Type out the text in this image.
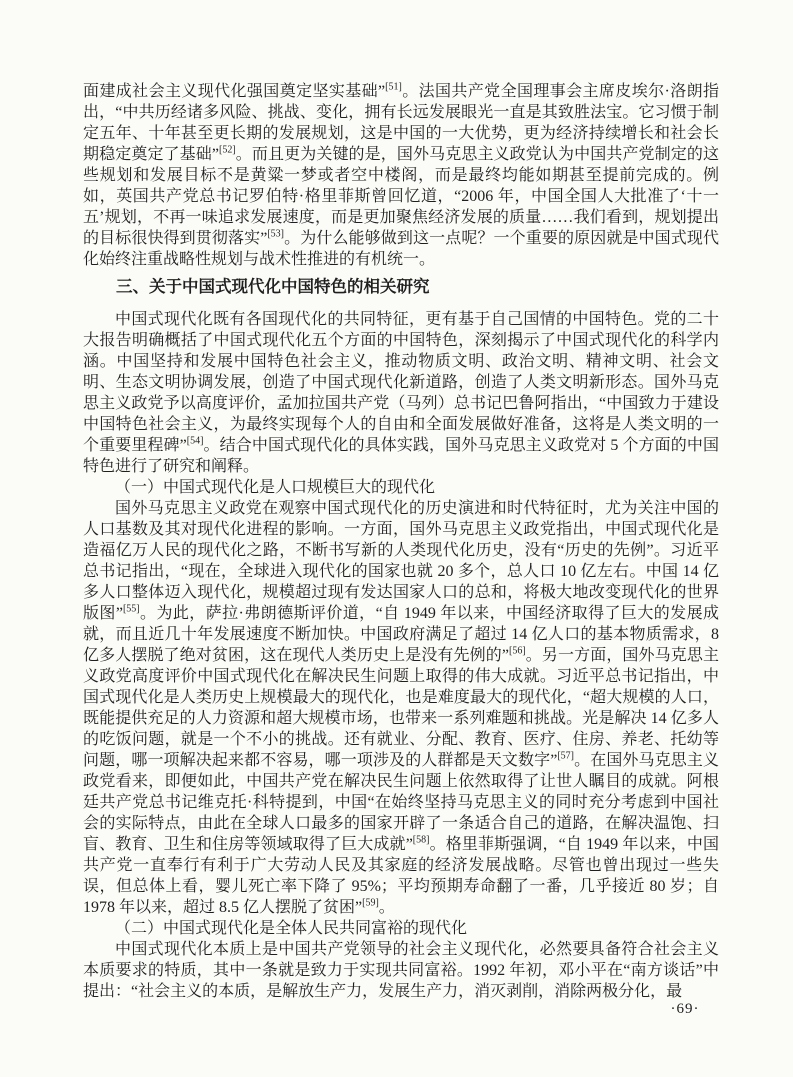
面建成社会主义现代化强国奠定坚实基础”[51]。法国共产党全国理事会主席皮埃尔·洛朗指出，“中共历经诸多风险、挑战、变化，拥有长远发展眼光一直是其致胜法宝。它习惯于制定五年、十年甚至更长期的发展规划，这是中国的一大优势，更为经济持续增长和社会长期稳定奠定了基础”[52]。而且更为关键的是，国外马克思主义政党认为中国共产党制定的这些规划和发展目标不是黄粱一梦或者空中楼阁，而是最终均能如期甚至提前完成的。例如，英国共产党总书记罗伯特·格里菲斯曾回忆道，“2006 年，中国全国人大批准了‘十一五’规划，不再一味追求发展速度，而是更加聚焦经济发展的质量……我们看到，规划提出的目标很快得到贯彻落实”[53]。为什么能够做到这一点呢？一个重要的原因就是中国式现代化始终注重战略性规划与战术性推进的有机统一。
三、关于中国式现代化中国特色的相关研究
中国式现代化既有各国现代化的共同特征，更有基于自己国情的中国特色。党的二十大报告明确概括了中国式现代化五个方面的中国特色，深刻揭示了中国式现代化的科学内涵。中国坚持和发展中国特色社会主义，推动物质文明、政治文明、精神文明、社会文明、生态文明协调发展，创造了中国式现代化新道路，创造了人类文明新形态。国外马克思主义政党予以高度评价，孟加拉国共产党（马列）总书记巴鲁阿指出，“中国致力于建设中国特色社会主义，为最终实现每个人的自由和全面发展做好准备，这将是人类文明的一个重要里程碑”[54]。结合中国式现代化的具体实践，国外马克思主义政党对 5 个方面的中国特色进行了研究和阐释。
（一）中国式现代化是人口规模巨大的现代化
国外马克思主义政党在观察中国式现代化的历史演进和时代特征时，尤为关注中国的人口基数及其对现代化进程的影响。一方面，国外马克思主义政党指出，中国式现代化是造福亿万人民的现代化之路，不断书写新的人类现代化历史，没有“历史的先例”。习近平总书记指出，“现在，全球进入现代化的国家也就 20 多个，总人口 10 亿左右。中国 14 亿多人口整体迈入现代化，规模超过现有发达国家人口的总和，将极大地改变现代化的世界版图”[55]。为此，萨拉·弗朗德斯评价道，“自 1949 年以来，中国经济取得了巨大的发展成就，而且近几十年发展速度不断加快。中国政府满足了超过 14 亿人口的基本物质需求，8 亿多人摆脱了绝对贫困，这在现代人类历史上是没有先例的”[56]。另一方面，国外马克思主义政党高度评价中国式现代化在解决民生问题上取得的伟大成就。习近平总书记指出，中国式现代化是人类历史上规模最大的现代化，也是难度最大的现代化，“超大规模的人口，既能提供充足的人力资源和超大规模市场，也带来一系列难题和挑战。光是解决 14 亿多人的吃饭问题，就是一个不小的挑战。还有就业、分配、教育、医疗、住房、养老、托幼等问题，哪一项解决起来都不容易，哪一项涉及的人群都是天文数字”[57]。在国外马克思主义政党看来，即便如此，中国共产党在解决民生问题上依然取得了让世人瞩目的成就。阿根廷共产党总书记维克托·科特提到，中国“在始终坚持马克思主义的同时充分考虑到中国社会的实际特点，由此在全球人口最多的国家开辟了一条适合自己的道路，在解决温饱、扫盲、教育、卫生和住房等领域取得了巨大成就”[58]。格里菲斯强调，“自 1949 年以来，中国共产党一直奉行有利于广大劳动人民及其家庭的经济发展战略。尽管也曾出现过一些失误，但总体上看，婴儿死亡率下降了 95%；平均预期寿命翻了一番，几乎接近 80 岁；自 1978 年以来，超过 8.5 亿人摆脱了贫困”[59]。
（二）中国式现代化是全体人民共同富裕的现代化
中国式现代化本质上是中国共产党领导的社会主义现代化，必然要具备符合社会主义本质要求的特质，其中一条就是致力于实现共同富裕。1992 年初，邓小平在“南方谈话”中提出：“社会主义的本质，是解放生产力，发展生产力，消灭剥削，消除两极分化，最
·69·
